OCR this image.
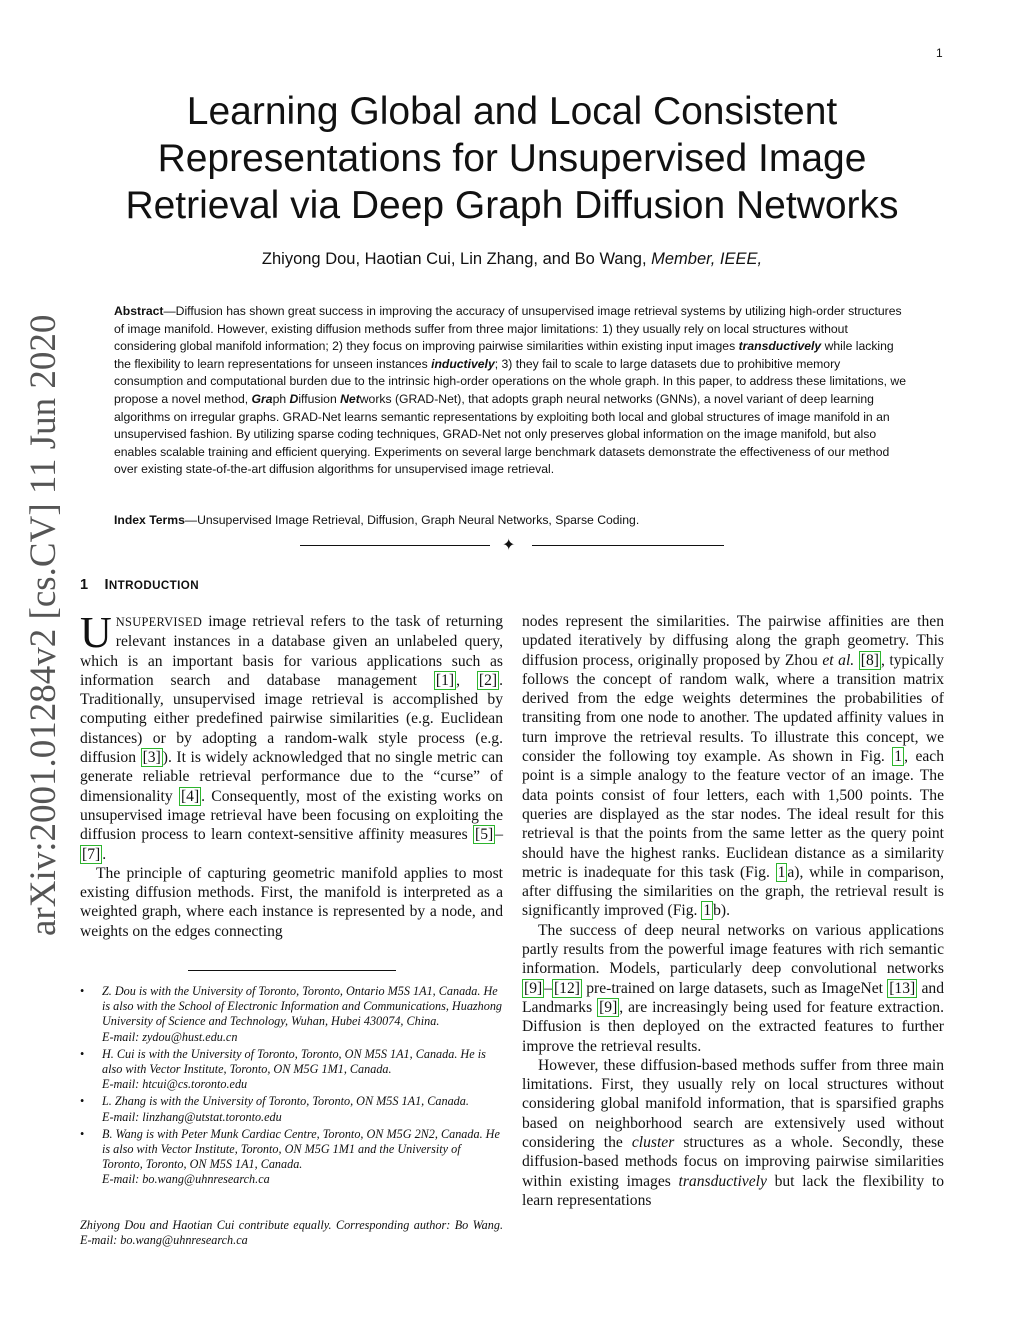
1
Learning Global and Local Consistent
Representations for Unsupervised Image
Retrieval via Deep Graph Diffusion Networks
Zhiyong Dou, Haotian Cui, Lin Zhang, and Bo Wang, Member, IEEE,
Abstract—Diffusion has shown great success in improving the accuracy of unsupervised image retrieval systems by utilizing high-order structures of image manifold. However, existing diffusion methods suffer from three major limitations: 1) they usually rely on local structures without considering global manifold information; 2) they focus on improving pairwise similarities within existing input images transductively while lacking the flexibility to learn representations for unseen instances inductively; 3) they fail to scale to large datasets due to prohibitive memory consumption and computational burden due to the intrinsic high-order operations on the whole graph. In this paper, to address these limitations, we propose a novel method, Graph Diffusion Networks (GRAD-Net), that adopts graph neural networks (GNNs), a novel variant of deep learning algorithms on irregular graphs. GRAD-Net learns semantic representations by exploiting both local and global structures of image manifold in an unsupervised fashion. By utilizing sparse coding techniques, GRAD-Net not only preserves global information on the image manifold, but also enables scalable training and efficient querying. Experiments on several large benchmark datasets demonstrate the effectiveness of our method over existing state-of-the-art diffusion algorithms for unsupervised image retrieval.
Index Terms—Unsupervised Image Retrieval, Diffusion, Graph Neural Networks, Sparse Coding.
✦
arXiv:2001.01284v2 [cs.CV] 11 Jun 2020 1 INTRODUCTION

UNSUPERVISED image retrieval refers to the task of returning relevant instances in a database given an unlabeled query, which is an important basis for various applications such as information search and database management [1] , [2] . Traditionally, unsupervised image retrieval is accomplished by computing either predefined pairwise similarities (e.g. Euclidean distances) or by adopting a random-walk style process (e.g. diffusion [3] ). It is widely acknowledged that no single metric can generate reliable retrieval performance due to the “curse” of dimensionality [4] . Consequently, most of the existing works on unsupervised image retrieval have been focusing on exploiting the diffusion process to learn context-sensitive affinity measures [5] –[7] .

The principle of capturing geometric manifold applies to most existing diffusion methods. First, the manifold is interpreted as a weighted graph, where each instance is represented by a node, and weights on the edges connecting

nodes represent the similarities. The pairwise affinities are then updated iteratively by diffusing along the graph geometry. This diffusion process, originally proposed by Zhou et al. [8] , typically follows the concept of random walk, where a transition matrix derived from the edge weights determines the probabilities of transiting from one node to another. The updated affinity values in turn improve the retrieval results. To illustrate this concept, we consider the following toy example. As shown in Fig. 1 , each point is a simple analogy to the feature vector of an image. The data points consist of four letters, each with 1,500 points. The queries are displayed as the star nodes. The ideal result for this retrieval is that the points from the same letter as the query point should have the highest ranks. Euclidean distance as a similarity metric is inadequate for this task (Fig. 1 a), while in comparison, after diffusing the similarities on the graph, the retrieval result is significantly improved (Fig. 1 b).

The success of deep neural networks on various applications partly results from the powerful image features with rich semantic information. Models, particularly deep convolutional networks [9] – [12] pre-trained on large datasets, such as ImageNet [13] and Landmarks [9] , are increasingly being used for feature extraction. Diffusion is then deployed on the extracted features to further improve the retrieval results.

However, these diffusion-based methods suffer from three main limitations. First, they usually rely on local structures without considering global manifold information, that is sparsified graphs based on neighborhood search are extensively used without considering the cluster structures as a whole. Secondly, these diffusion-based methods focus on improving pairwise similarities within existing images transductively but lack the flexibility to learn representations

• Z. Dou is with the University of Toronto, Toronto, Ontario M5S 1A1, Canada. He is also with the School of Electronic Information and Communications, Huazhong University of Science and Technology, Wuhan, Hubei 430074, China.
E-mail: zydou@hust.edu.cn
• H. Cui is with the University of Toronto, Toronto, ON M5S 1A1, Canada. He is also with Vector Institute, Toronto, ON M5G 1M1, Canada.
E-mail: htcui@cs.toronto.edu
• L. Zhang is with the University of Toronto, Toronto, ON M5S 1A1, Canada.
E-mail: linzhang@utstat.toronto.edu
• B. Wang is with Peter Munk Cardiac Centre, Toronto, ON M5G 2N2, Canada. He is also with Vector Institute, Toronto, ON M5G 1M1 and the University of Toronto, Toronto, ON M5S 1A1, Canada.
E-mail: bo.wang@uhnresearch.ca
Zhiyong Dou and Haotian Cui contribute equally. Corresponding author: Bo Wang. E-mail: bo.wang@uhnresearch.ca
